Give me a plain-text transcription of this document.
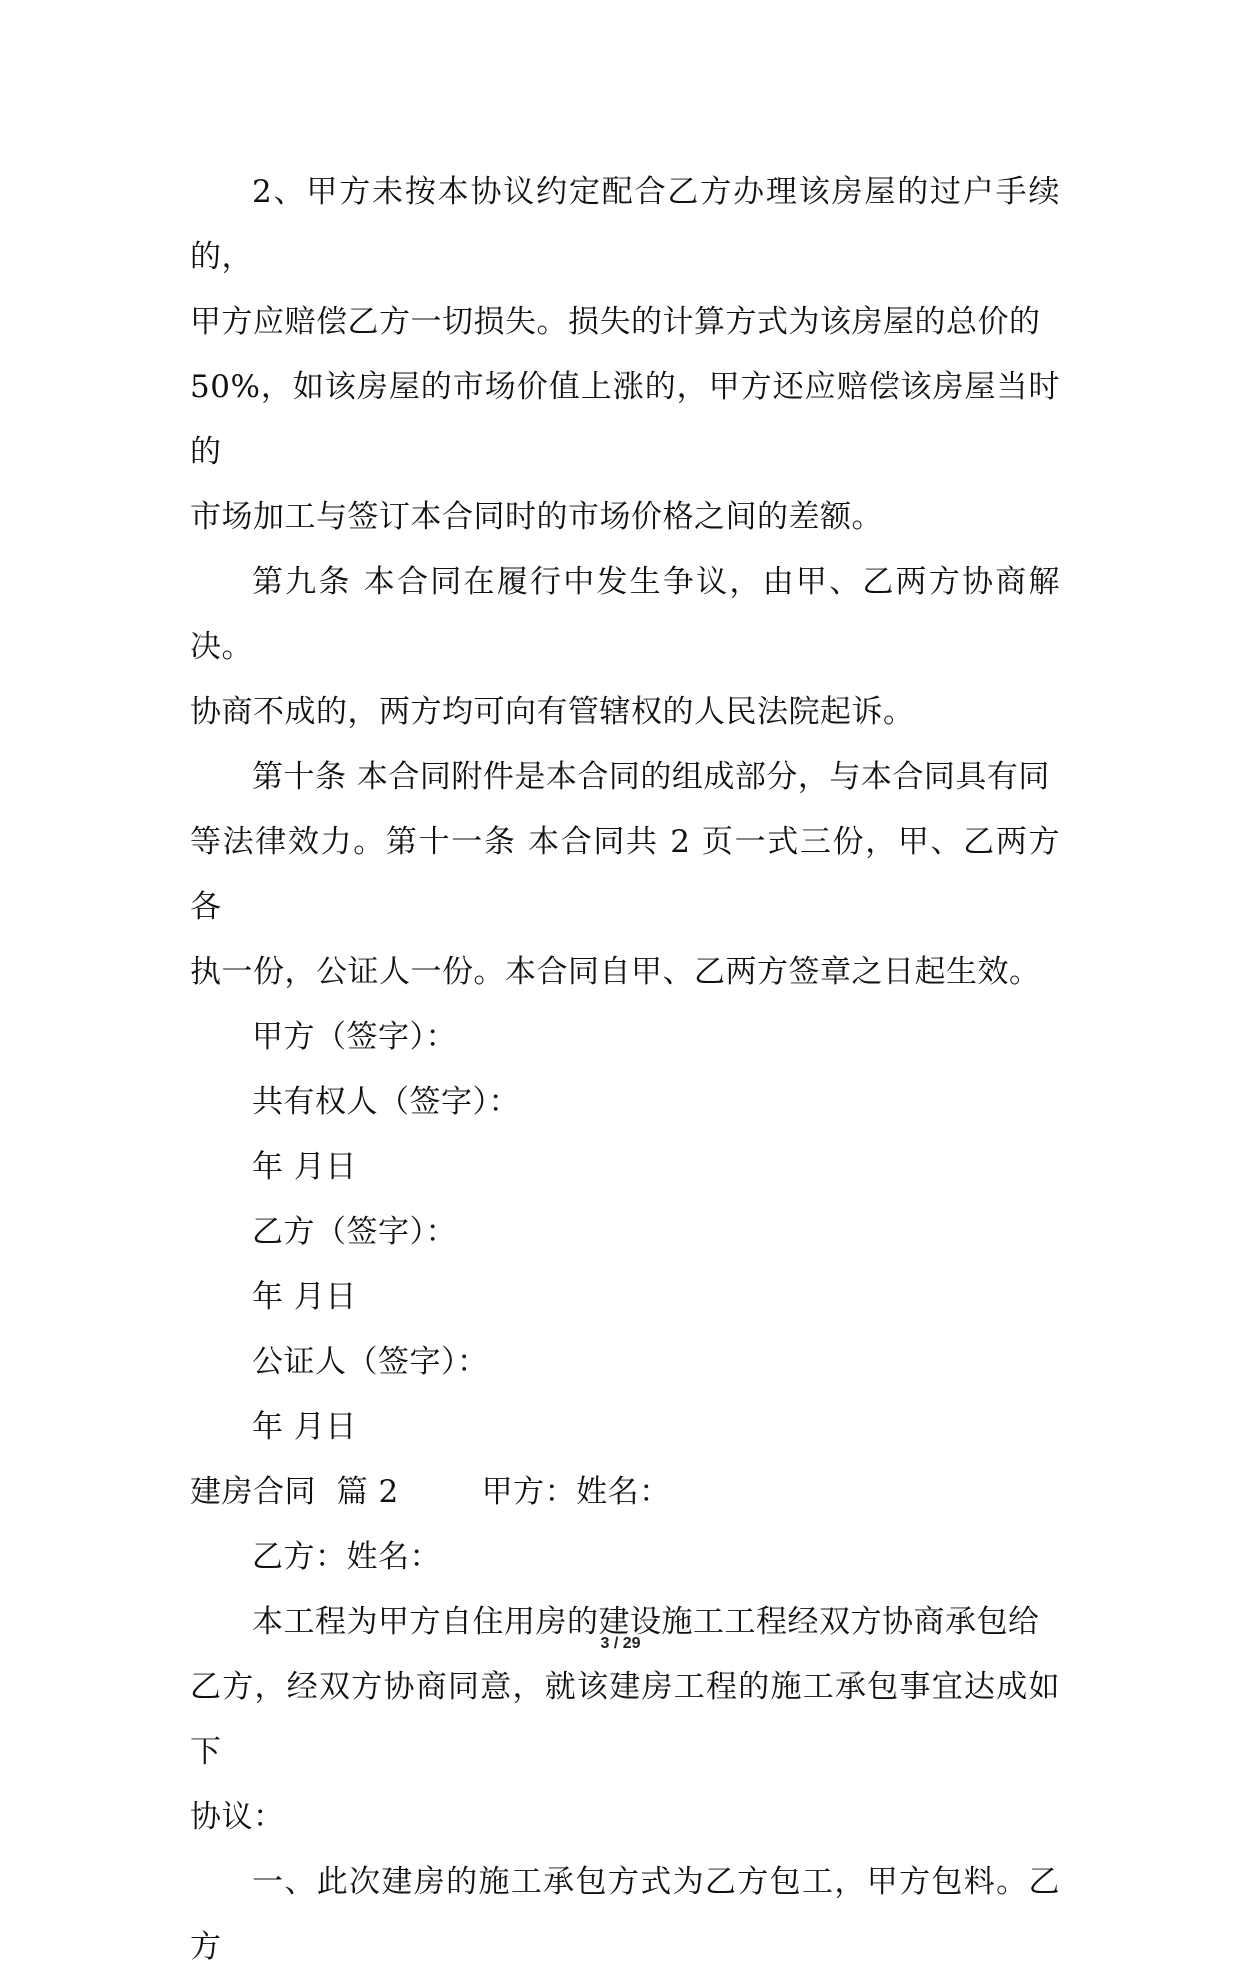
2、甲方未按本协议约定配合乙方办理该房屋的过户手续的，

甲方应赔偿乙方一切损失。损失的计算方式为该房屋的总价的

50%，如该房屋的市场价值上涨的，甲方还应赔偿该房屋当时的

市场加工与签订本合同时的市场价格之间的差额。

第九条 本合同在履行中发生争议，由甲、乙两方协商解决。

协商不成的，两方均可向有管辖权的人民法院起诉。

第十条 本合同附件是本合同的组成部分，与本合同具有同

等法律效力。第十一条 本合同共 2 页一式三份，甲、乙两方各

执一份，公证人一份。本合同自甲、乙两方签章之日起生效。

甲方（签字）：

共有权人（签字）：

年 月日

乙方（签字）：

年 月日

公证人（签字）：

年 月日

建房合同  篇 2        甲方：姓名：

乙方：姓名：

本工程为甲方自住用房的建设施工工程经双方协商承包给

乙方，经双方协商同意，就该建房工程的施工承包事宜达成如下

协议：

一、此次建房的施工承包方式为乙方包工，甲方包料。乙方

3 / 29
